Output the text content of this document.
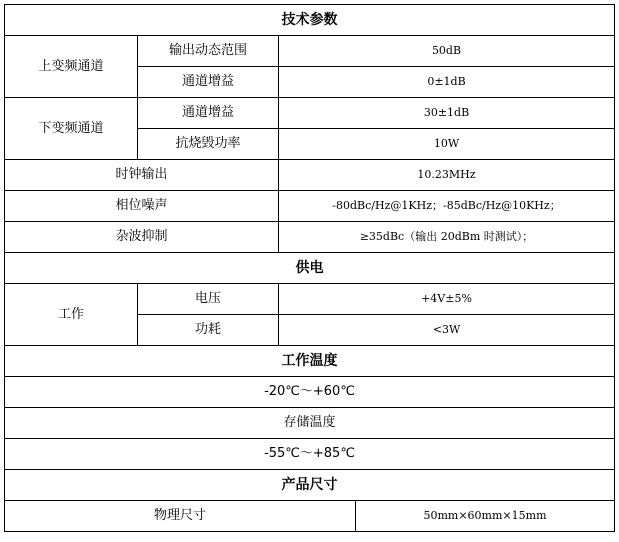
技术参数			
上变频通道	输出动态范围	50dB	
	通道增益	0±1dB	
下变频通道	通道增益	30±1dB	
	抗烧毁功率	10W	
时钟输出		10.23MHz	
相位噪声		-80dBc/Hz@1KHz；-85dBc/Hz@10KHz；	
杂波抑制		≥35dBc（输出 20dBm 时测试）；	
供电			
工作	电压	+4V±5%	
	功耗	<3W	
工作温度			
-20℃～+60℃			
存储温度			
-55℃～+85℃			
产品尺寸			
物理尺寸			50mm×60mm×15mm
